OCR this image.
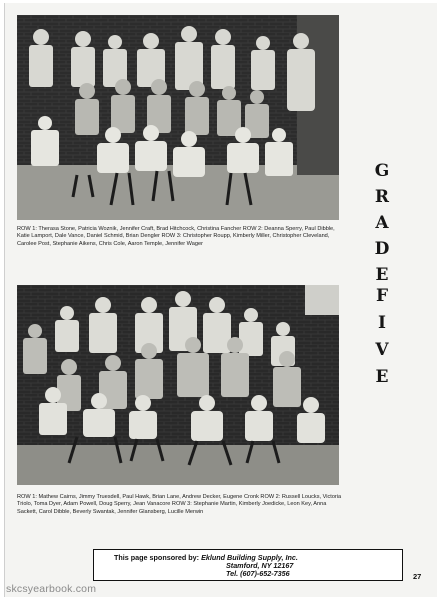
ROW 1: Therasa Stone, Patricia Woznik, Jennifer Craft, Brad Hitchcock, Christina Fancher ROW 2: Deanna Sperry, Paul Dibble, Katie Lamport, Dale Vance, Daniel Schmid, Brian Dengler ROW 3: Christopher Roupp, Kimberly Miller, Christopher Cleveland, Carolee Post, Stephanie Aikens, Chris Cole, Aaron Temple, Jennifer Wager
G
R
A
D
E
F
I
V
E
ROW 1: Mathew Cairns, Jimmy Truesdell, Paul Hawk, Brian Lane, Andrew Decker, Eugene Cronk ROW 2: Russell Loucks, Victoria Triolo, Toma Dyer, Adam Powell, Doug Sperry, Jean Vanacore ROW 3: Stephanie Martin, Kimberly Joedicke, Leon Key, Anna Sackett, Carol Dibble, Beverly Swantak, Jennifer Glansberg, Lucille Merwin
This page sponsored by: Eklund Building Supply, Inc.
Stamford, NY 12167
Tel. (607)-652-7356	27
skcsyearbook.com
